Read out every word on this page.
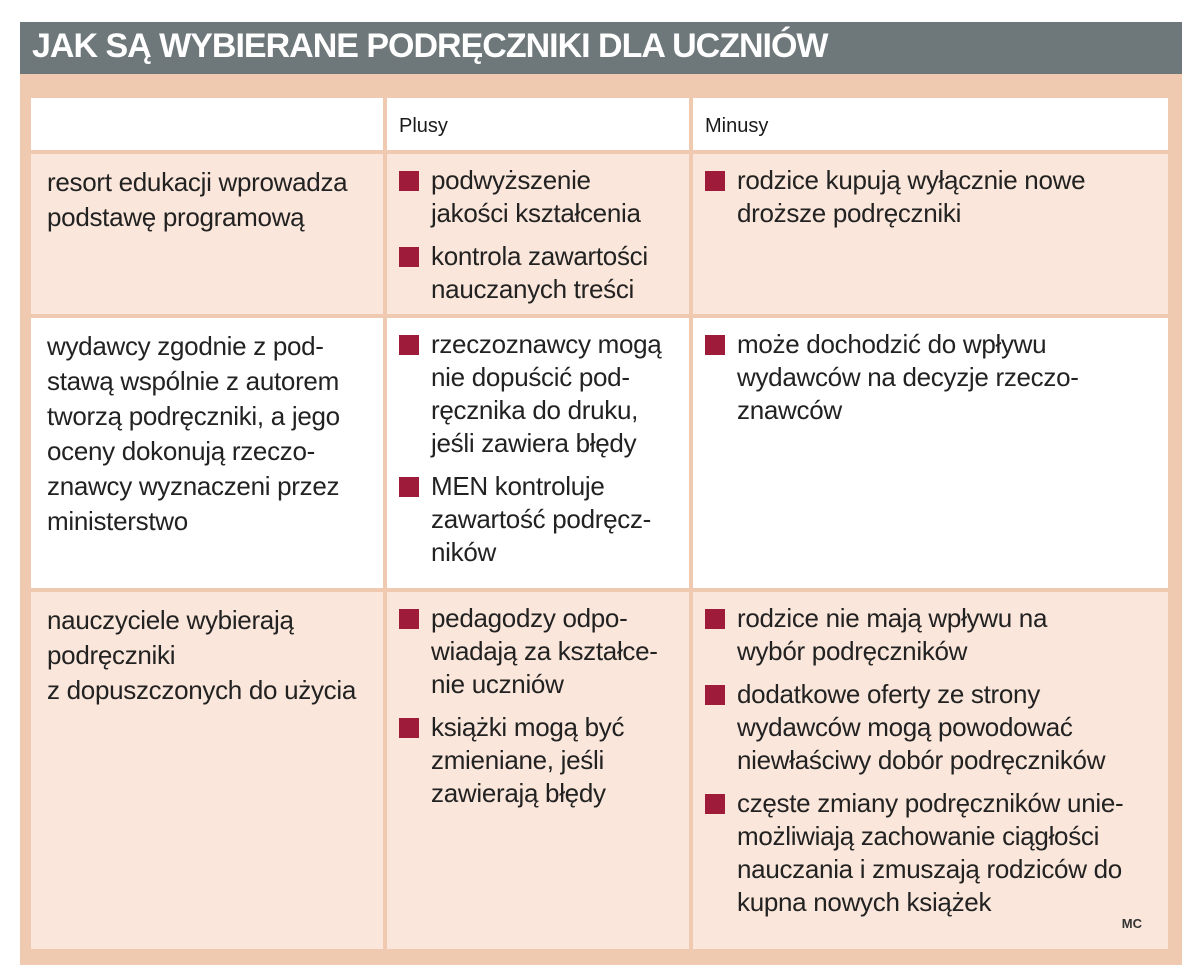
JAK SĄ WYBIERANE PODRĘCZNIKI DLA UCZNIÓW
Plusy	Minusy
resort edukacji wprowadza
podstawę programową
podwyższenie
jakości kształcenia
kontrola zawartości
nauczanych treści
rodzice kupują wyłącznie nowe
droższe podręczniki
wydawcy zgodnie z pod-
stawą wspólnie z autorem
tworzą podręczniki, a jego
oceny dokonują rzeczo-
znawcy wyznaczeni przez
ministerstwo
rzeczoznawcy mogą
nie dopuścić pod-
ręcznika do druku,
jeśli zawiera błędy
MEN kontroluje
zawartość podręcz-
ników
może dochodzić do wpływu
wydawców na decyzje rzeczo-
znawców
nauczyciele wybierają
podręczniki
z dopuszczonych do użycia
pedagodzy odpo-
wiadają za kształce-
nie uczniów
książki mogą być
zmieniane, jeśli
zawierają błędy
rodzice nie mają wpływu na
wybór podręczników
dodatkowe oferty ze strony
wydawców mogą powodować
niewłaściwy dobór podręczników
częste zmiany podręczników unie-
możliwiają zachowanie ciągłości
nauczania i zmuszają rodziców do
kupna nowych książek
MC
